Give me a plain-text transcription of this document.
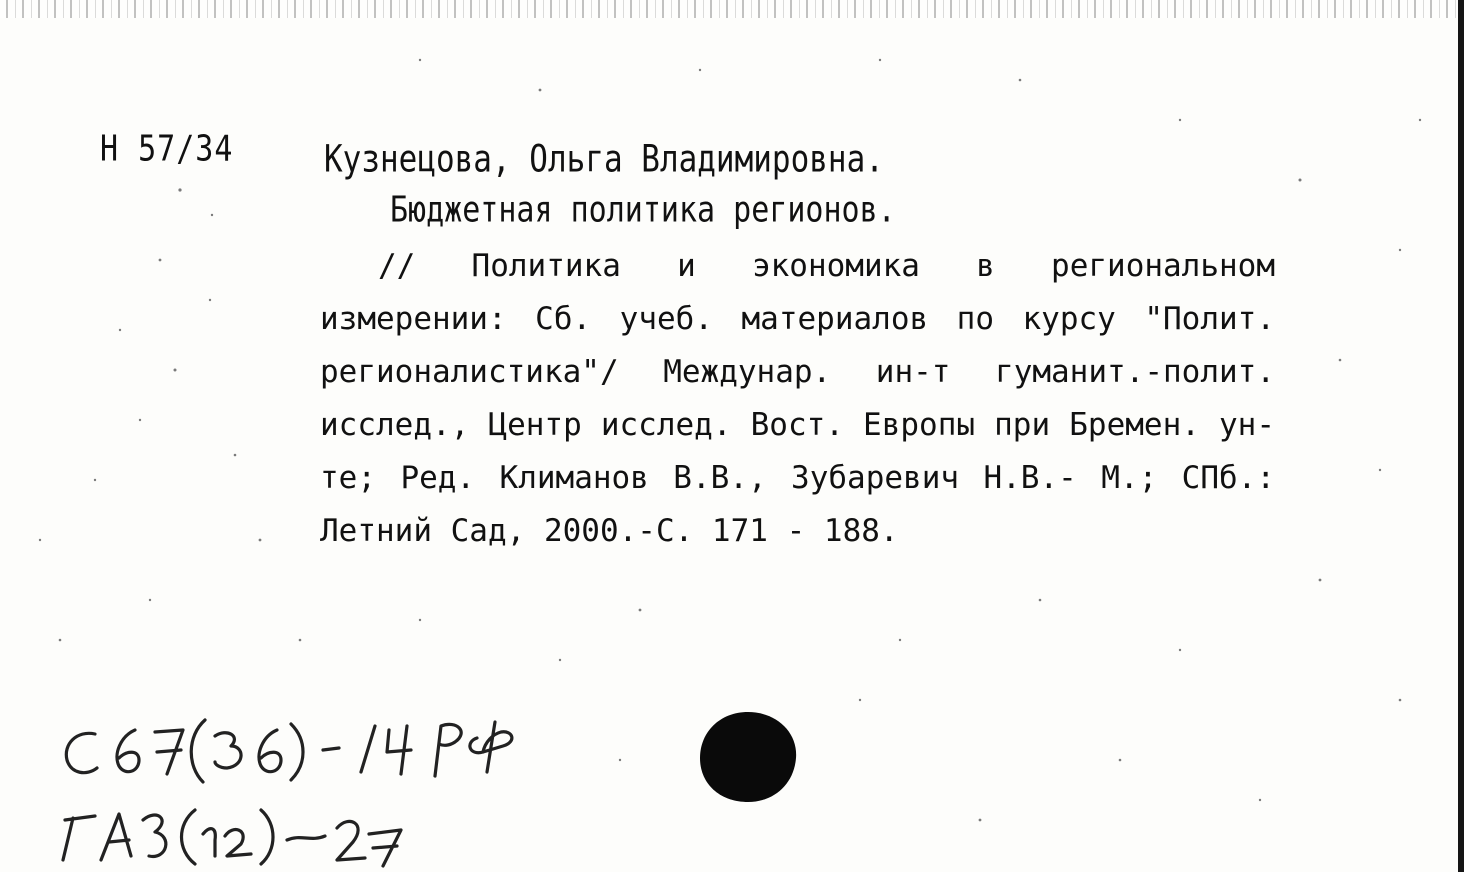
Н 57/34	Кузнецова, Ольга Владимировна.
Бюджетная политика регионов.
// Политика и экономика в региональном измерении: Сб. учеб. материалов по курсу "Полит. регионалистика"/ Междунар. ин-т гуманит.-полит. исслед., Центр исслед. Вост. Европы при Бремен. ун-те; Ред. Климанов В.В., Зубаревич Н.В.- М.; СПб.: Летний Сад, 2000.-С. 171 - 188.
